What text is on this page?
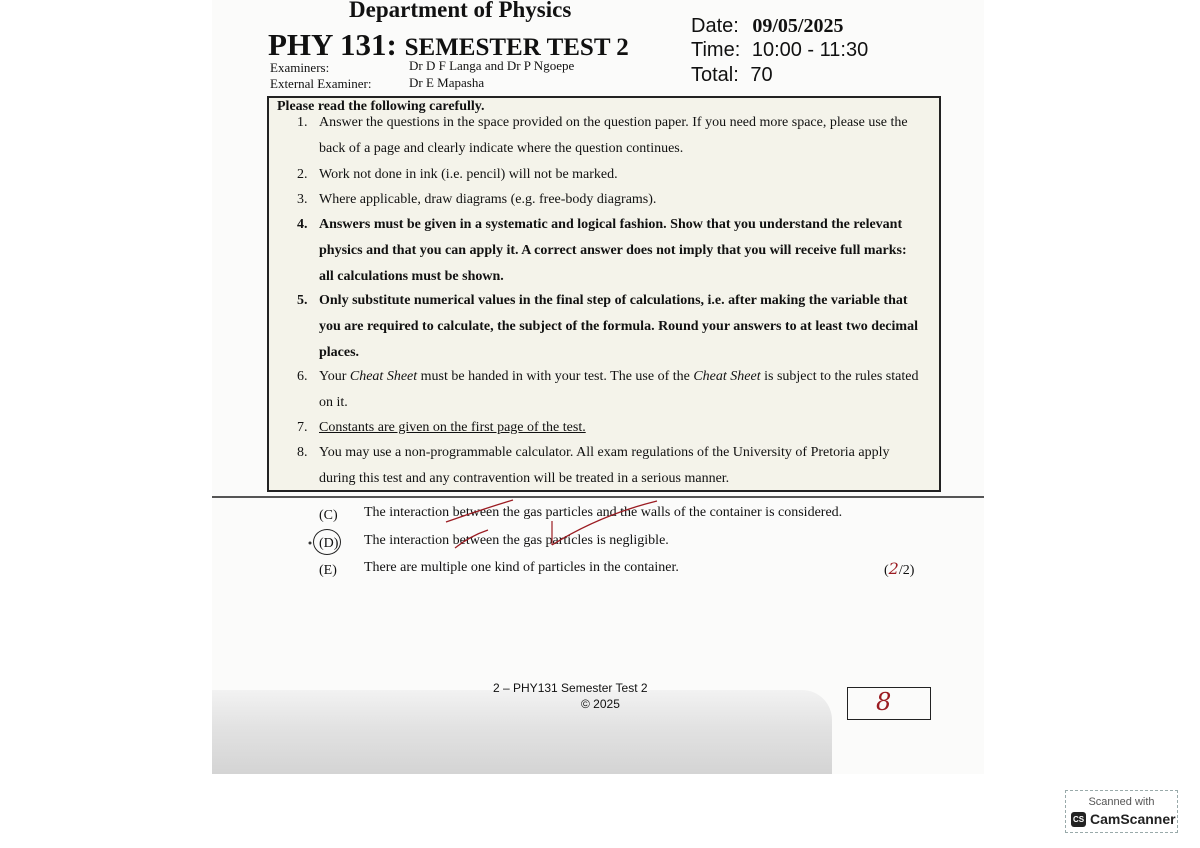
Department of Physics
PHY 131: SEMESTER TEST 2
Examiners:	Dr D F Langa and Dr P Ngoepe
External Examiner:	Dr E Mapasha
Date: 09/05/2025
Time: 10:00 - 11:30
Total: 70
Please read the following carefully.
1. Answer the questions in the space provided on the question paper. If you need more space, please use the
back of a page and clearly indicate where the question continues.
2. Work not done in ink (i.e. pencil) will not be marked.
3. Where applicable, draw diagrams (e.g. free-body diagrams).
4. Answers must be given in a systematic and logical fashion. Show that you understand the relevant
physics and that you can apply it. A correct answer does not imply that you will receive full marks:
all calculations must be shown.
5. Only substitute numerical values in the final step of calculations, i.e. after making the variable that
you are required to calculate, the subject of the formula. Round your answers to at least two decimal
places.
6. Your Cheat Sheet must be handed in with your test. The use of the Cheat Sheet is subject to the rules stated
on it.
7. Constants are given on the first page of the test.
8. You may use a non-programmable calculator. All exam regulations of the University of Pretoria apply
during this test and any contravention will be treated in a serious manner.
(C) The interaction between the gas particles and the walls of the container is considered.
(D) The interaction between the gas particles is negligible.
(E) There are multiple one kind of particles in the container.	(2/2)
2 – PHY131 Semester Test 2
© 2025	8
Scanned with
CS CamScanner
